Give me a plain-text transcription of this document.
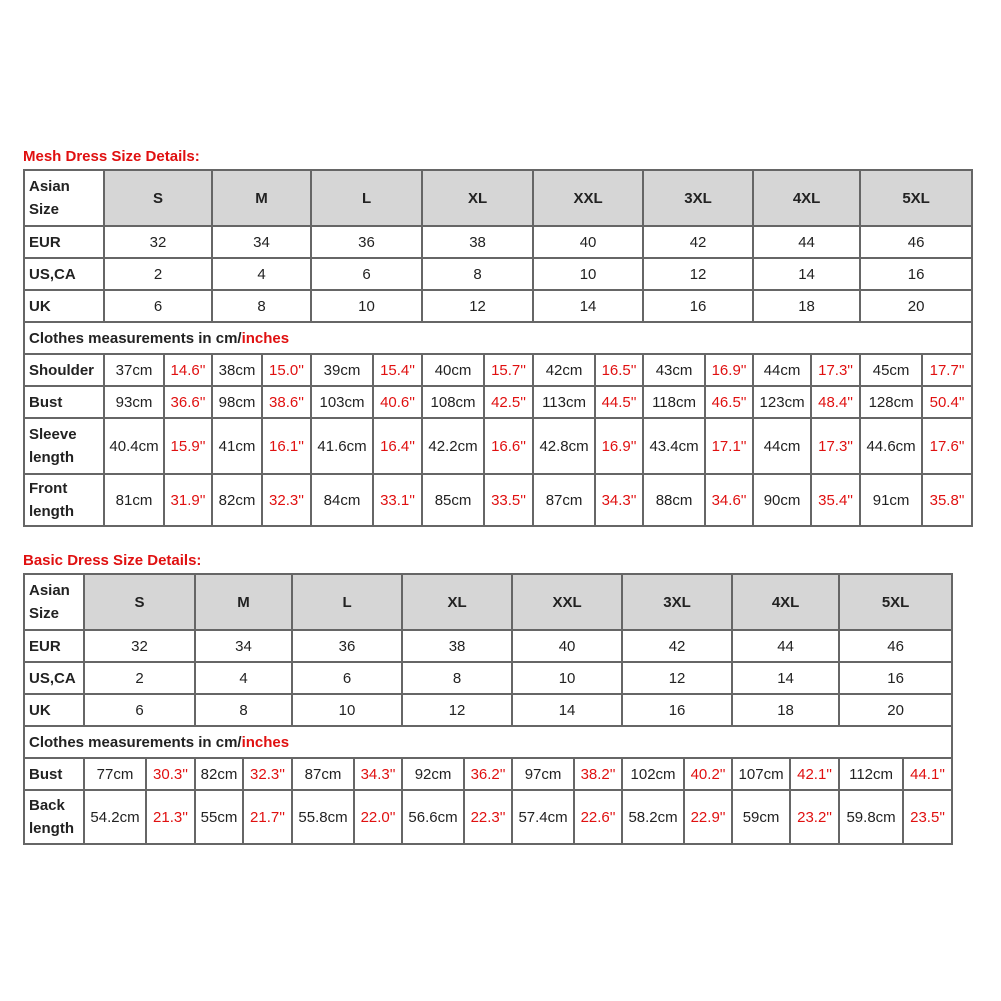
Mesh Dress Size Details:
Asian Size	S		M		L		XL		XXL		3XL		4XL		5XL	
EUR	32		34		36		38		40		42		44		46	
US,CA	2		4		6		8		10		12		14		16	
UK	6		8		10		12		14		16		18		20	
Clothes measurements in cm/inches																
Shoulder	37cm	14.6''	38cm	15.0''	39cm	15.4''	40cm	15.7''	42cm	16.5''	43cm	16.9''	44cm	17.3''	45cm	17.7''
Bust	93cm	36.6''	98cm	38.6''	103cm	40.6''	108cm	42.5''	113cm	44.5''	118cm	46.5''	123cm	48.4''	128cm	50.4''
Sleeve length	40.4cm	15.9''	41cm	16.1''	41.6cm	16.4''	42.2cm	16.6''	42.8cm	16.9''	43.4cm	17.1''	44cm	17.3''	44.6cm	17.6''
Front length	81cm	31.9''	82cm	32.3''	84cm	33.1''	85cm	33.5''	87cm	34.3''	88cm	34.6''	90cm	35.4''	91cm	35.8''
Basic Dress Size Details:
Asian Size	S		M		L		XL		XXL		3XL		4XL		5XL	
EUR	32		34		36		38		40		42		44		46	
US,CA	2		4		6		8		10		12		14		16	
UK	6		8		10		12		14		16		18		20	
Clothes measurements in cm/inches																
Bust	77cm	30.3''	82cm	32.3''	87cm	34.3''	92cm	36.2''	97cm	38.2''	102cm	40.2''	107cm	42.1''	112cm	44.1''
Back length	54.2cm	21.3''	55cm	21.7''	55.8cm	22.0''	56.6cm	22.3''	57.4cm	22.6''	58.2cm	22.9''	59cm	23.2''	59.8cm	23.5''
